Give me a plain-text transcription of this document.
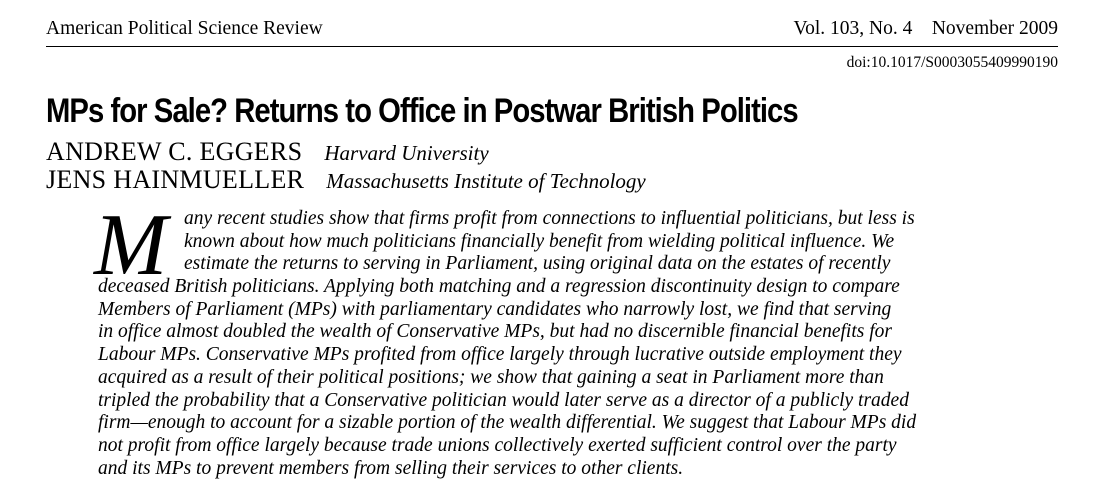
American Political Science Review	Vol. 103, No. 4    November 2009
doi:10.1017/S0003055409990190
MPs for Sale? Returns to Office in Postwar British Politics
ANDREW C. EGGERS Harvard University
JENS HAINMUELLER Massachusetts Institute of Technology
M any recent studies show that firms profit from connections to influential politicians, but less is
known about how much politicians financially benefit from wielding political influence. We
estimate the returns to serving in Parliament, using original data on the estates of recently
deceased British politicians. Applying both matching and a regression discontinuity design to compare
Members of Parliament (MPs) with parliamentary candidates who narrowly lost, we find that serving
in office almost doubled the wealth of Conservative MPs, but had no discernible financial benefits for
Labour MPs. Conservative MPs profited from office largely through lucrative outside employment they
acquired as a result of their political positions; we show that gaining a seat in Parliament more than
tripled the probability that a Conservative politician would later serve as a director of a publicly traded
firm—enough to account for a sizable portion of the wealth differential. We suggest that Labour MPs did
not profit from office largely because trade unions collectively exerted sufficient control over the party
and its MPs to prevent members from selling their services to other clients.
